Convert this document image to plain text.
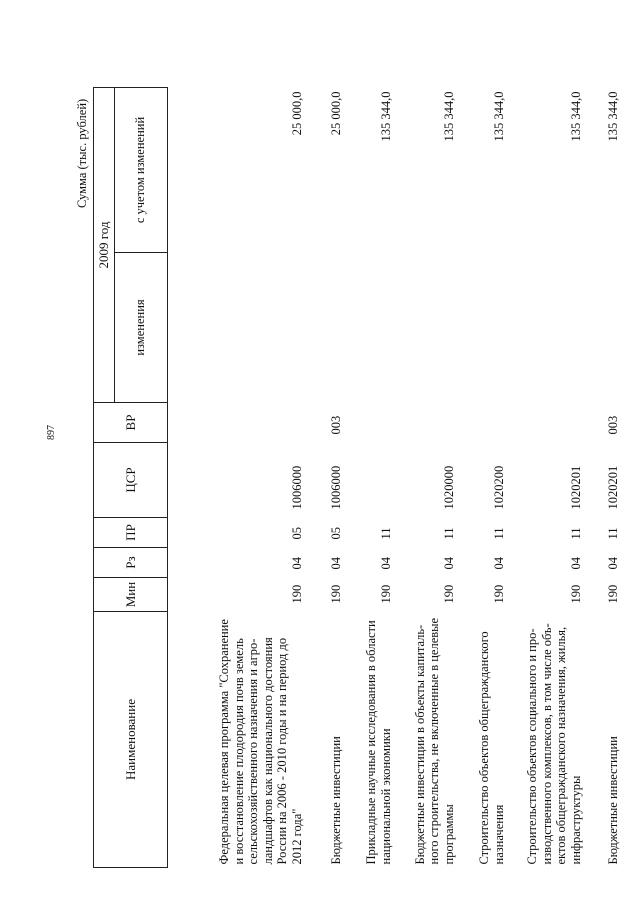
897
Сумма (тыс. рублей)
Наименование	Мин	Рз	ПР	ЦСР	ВР	2009 год	
						изменения	с учетом изменений
Федеральная целевая программа "Сохранение и восстановление плодородия почв земель сельскохозяйственного назначения и агро-ландшафтов как национального достояния России на 2006 - 2010 годы и на период до 2012 года"	190	04	05	1006000			25 000,0
Бюджетные инвестиции	190	04	05	1006000	003		25 000,0
Прикладные научные исследования в области национальной экономики	190	04	11				135 344,0
Бюджетные инвестиции в объекты капиталь-ного строительства, не включенные в целевые программы	190	04	11	1020000			135 344,0
Строительство объектов общегражданского назначения	190	04	11	1020200			135 344,0
Строительство объектов социального и про-изводственного комплексов, в том числе объ-ектов общегражданского назначения, жилья, инфраструктуры	190	04	11	1020201			135 344,0
Бюджетные инвестиции	190	04	11	1020201	003		135 344,0
